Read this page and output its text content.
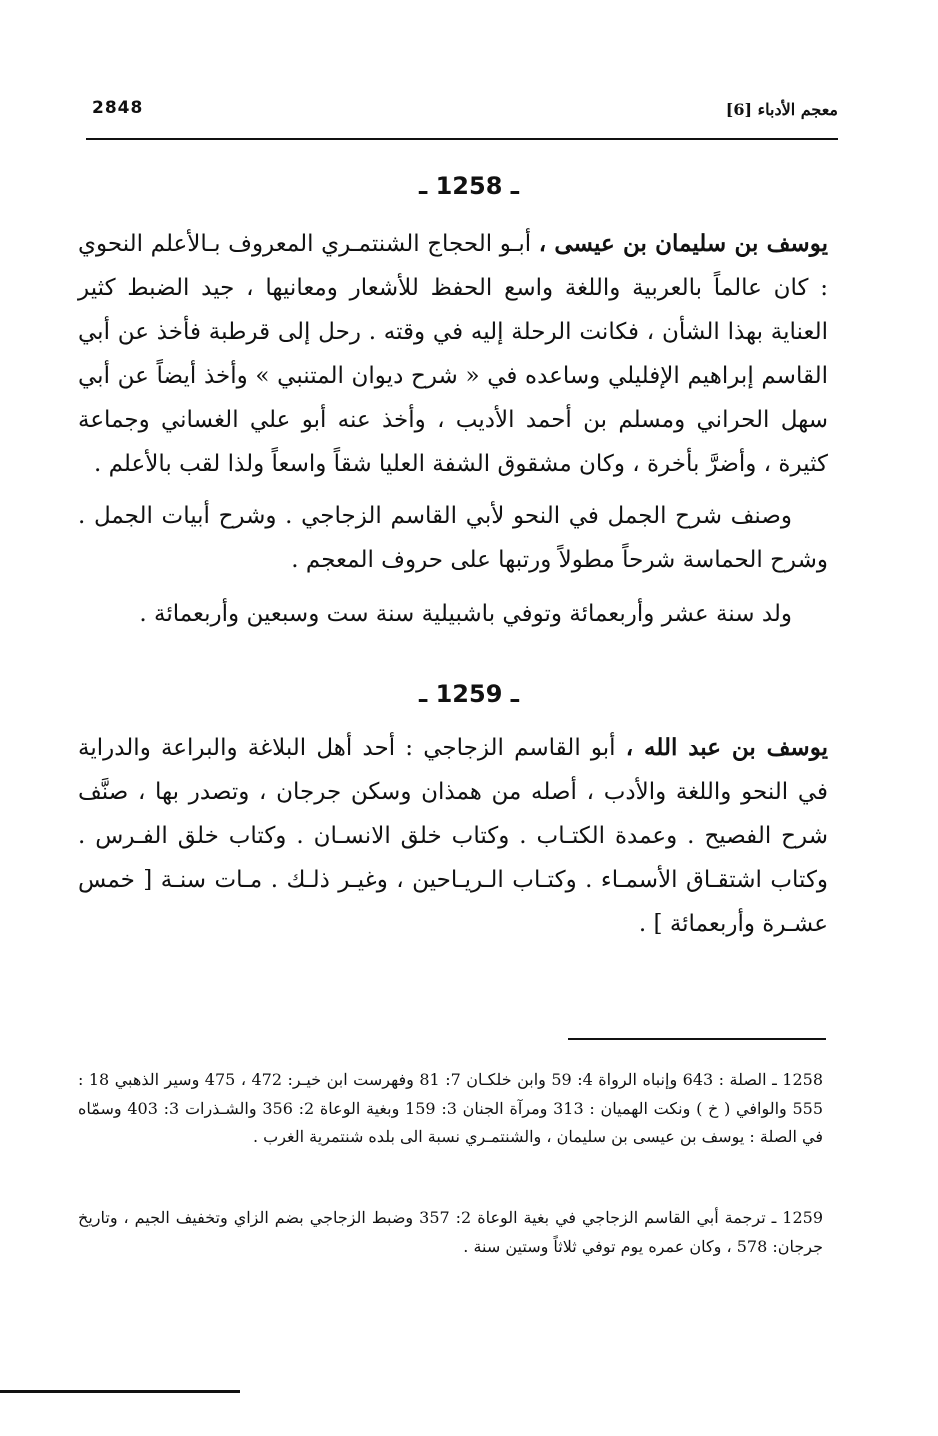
2848	معجم الأدباء [6]
ـ 1258 ـ
يوسف بن سليمان بن عيسى ، أبـو الحجاج الشنتمـري المعروف بـالأعلم النحوي : كان عالماً بالعربية واللغة واسع الحفظ للأشعار ومعانيها ، جيد الضبط كثير العناية بهذا الشأن ، فكانت الرحلة إليه في وقته . رحل إلى قرطبة فأخذ عن أبي القاسم إبراهيم الإفليلي وساعده في « شرح ديوان المتنبي » وأخذ أيضاً عن أبي سهل الحراني ومسلم بن أحمد الأديب ، وأخذ عنه أبو علي الغساني وجماعة كثيرة ، وأضرَّ بأخرة ، وكان مشقوق الشفة العليا شقاً واسعاً ولذا لقب بالأعلم .
وصنف شرح الجمل في النحو لأبي القاسم الزجاجي . وشرح أبيات الجمل . وشرح الحماسة شرحاً مطولاً ورتبها على حروف المعجم .
ولد سنة عشر وأربعمائة وتوفي باشبيلية سنة ست وسبعين وأربعمائة .
ـ 1259 ـ
يوسف بن عبد الله ، أبو القاسم الزجاجي : أحد أهل البلاغة والبراعة والدراية في النحو واللغة والأدب ، أصله من همذان وسكن جرجان ، وتصدر بها ، صنَّف شرح الفصيح . وعمدة الكتـاب . وكتاب خلق الانسـان . وكتاب خلق الفـرس . وكتاب اشتقـاق الأسمـاء . وكتـاب الـريـاحين ، وغيـر ذلـك . مـات سنـة [ خمس عشـرة وأربعمائة ] .
1258 ـ الصلة : 643 وإنباه الرواة 4: 59 وابن خلكـان 7: 81 وفهرست ابن خيـر: 472 ، 475 وسير الذهبي 18 : 555 والوافي ( خ ) ونكت الهميان : 313 ومرآة الجنان 3: 159 وبغية الوعاة 2: 356 والشـذرات 3: 403 وسمّاه في الصلة : يوسف بن عيسى بن سليمان ، والشنتمـري نسبة الى بلده شنتمرية الغرب .
1259 ـ ترجمة أبي القاسم الزجاجي في بغية الوعاة 2: 357 وضبط الزجاجي بضم الزاي وتخفيف الجيم ، وتاريخ جرجان: 578 ، وكان عمره يوم توفي ثلاثاً وستين سنة .
